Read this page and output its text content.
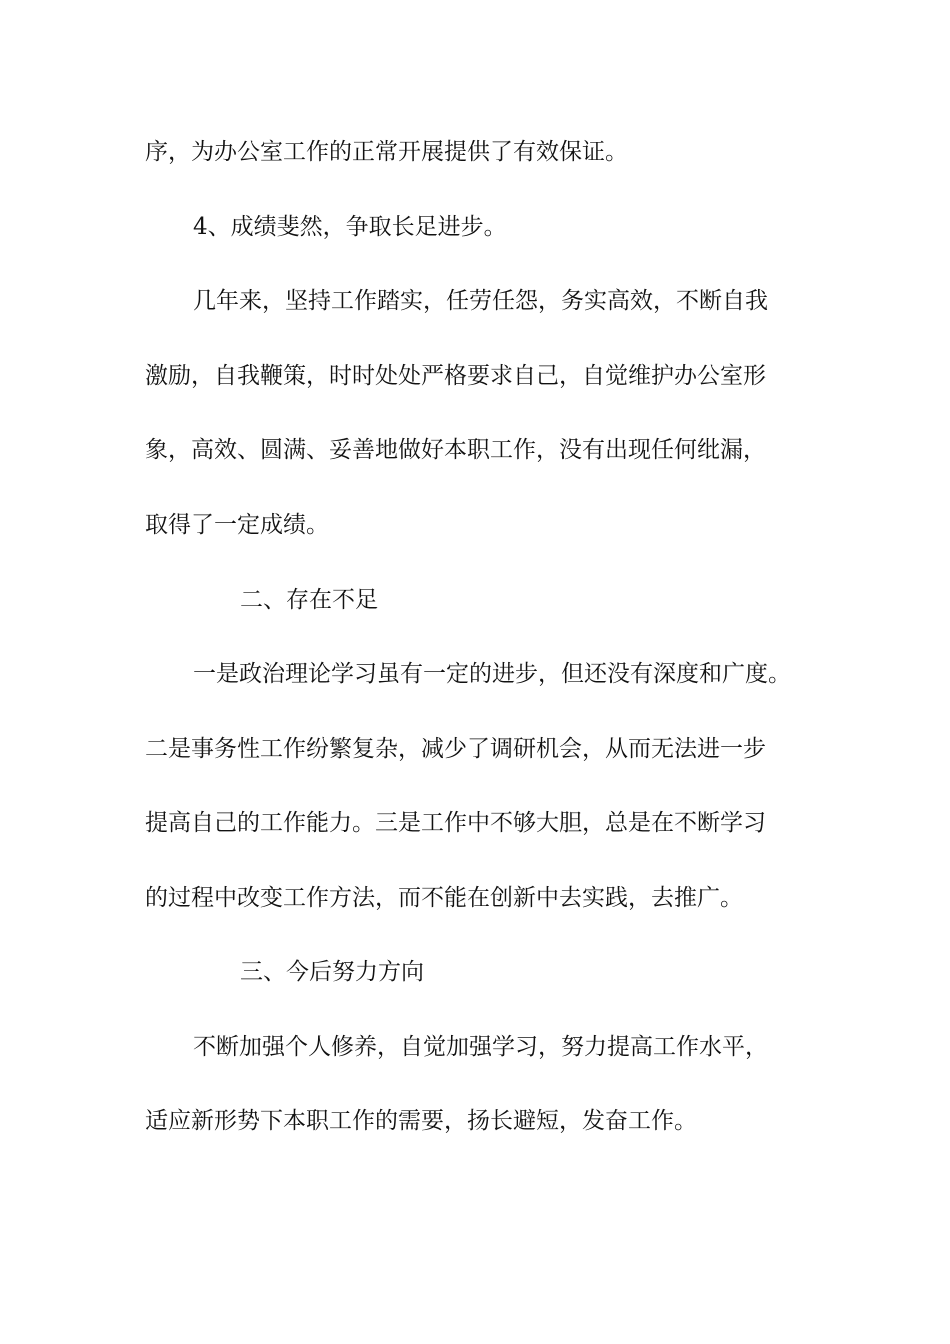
序，为办公室工作的正常开展提供了有效保证。
4、成绩斐然，争取长足进步。
几年来，坚持工作踏实，任劳任怨，务实高效，不断自我
激励，自我鞭策，时时处处严格要求自己，自觉维护办公室形
象，高效、圆满、妥善地做好本职工作，没有出现任何纰漏，
取得了一定成绩。
二、存在不足
一是政治理论学习虽有一定的进步，但还没有深度和广度。
二是事务性工作纷繁复杂，减少了调研机会，从而无法进一步
提高自己的工作能力。三是工作中不够大胆，总是在不断学习
的过程中改变工作方法，而不能在创新中去实践，去推广。
三、今后努力方向
不断加强个人修养，自觉加强学习，努力提高工作水平，
适应新形势下本职工作的需要，扬长避短，发奋工作。
